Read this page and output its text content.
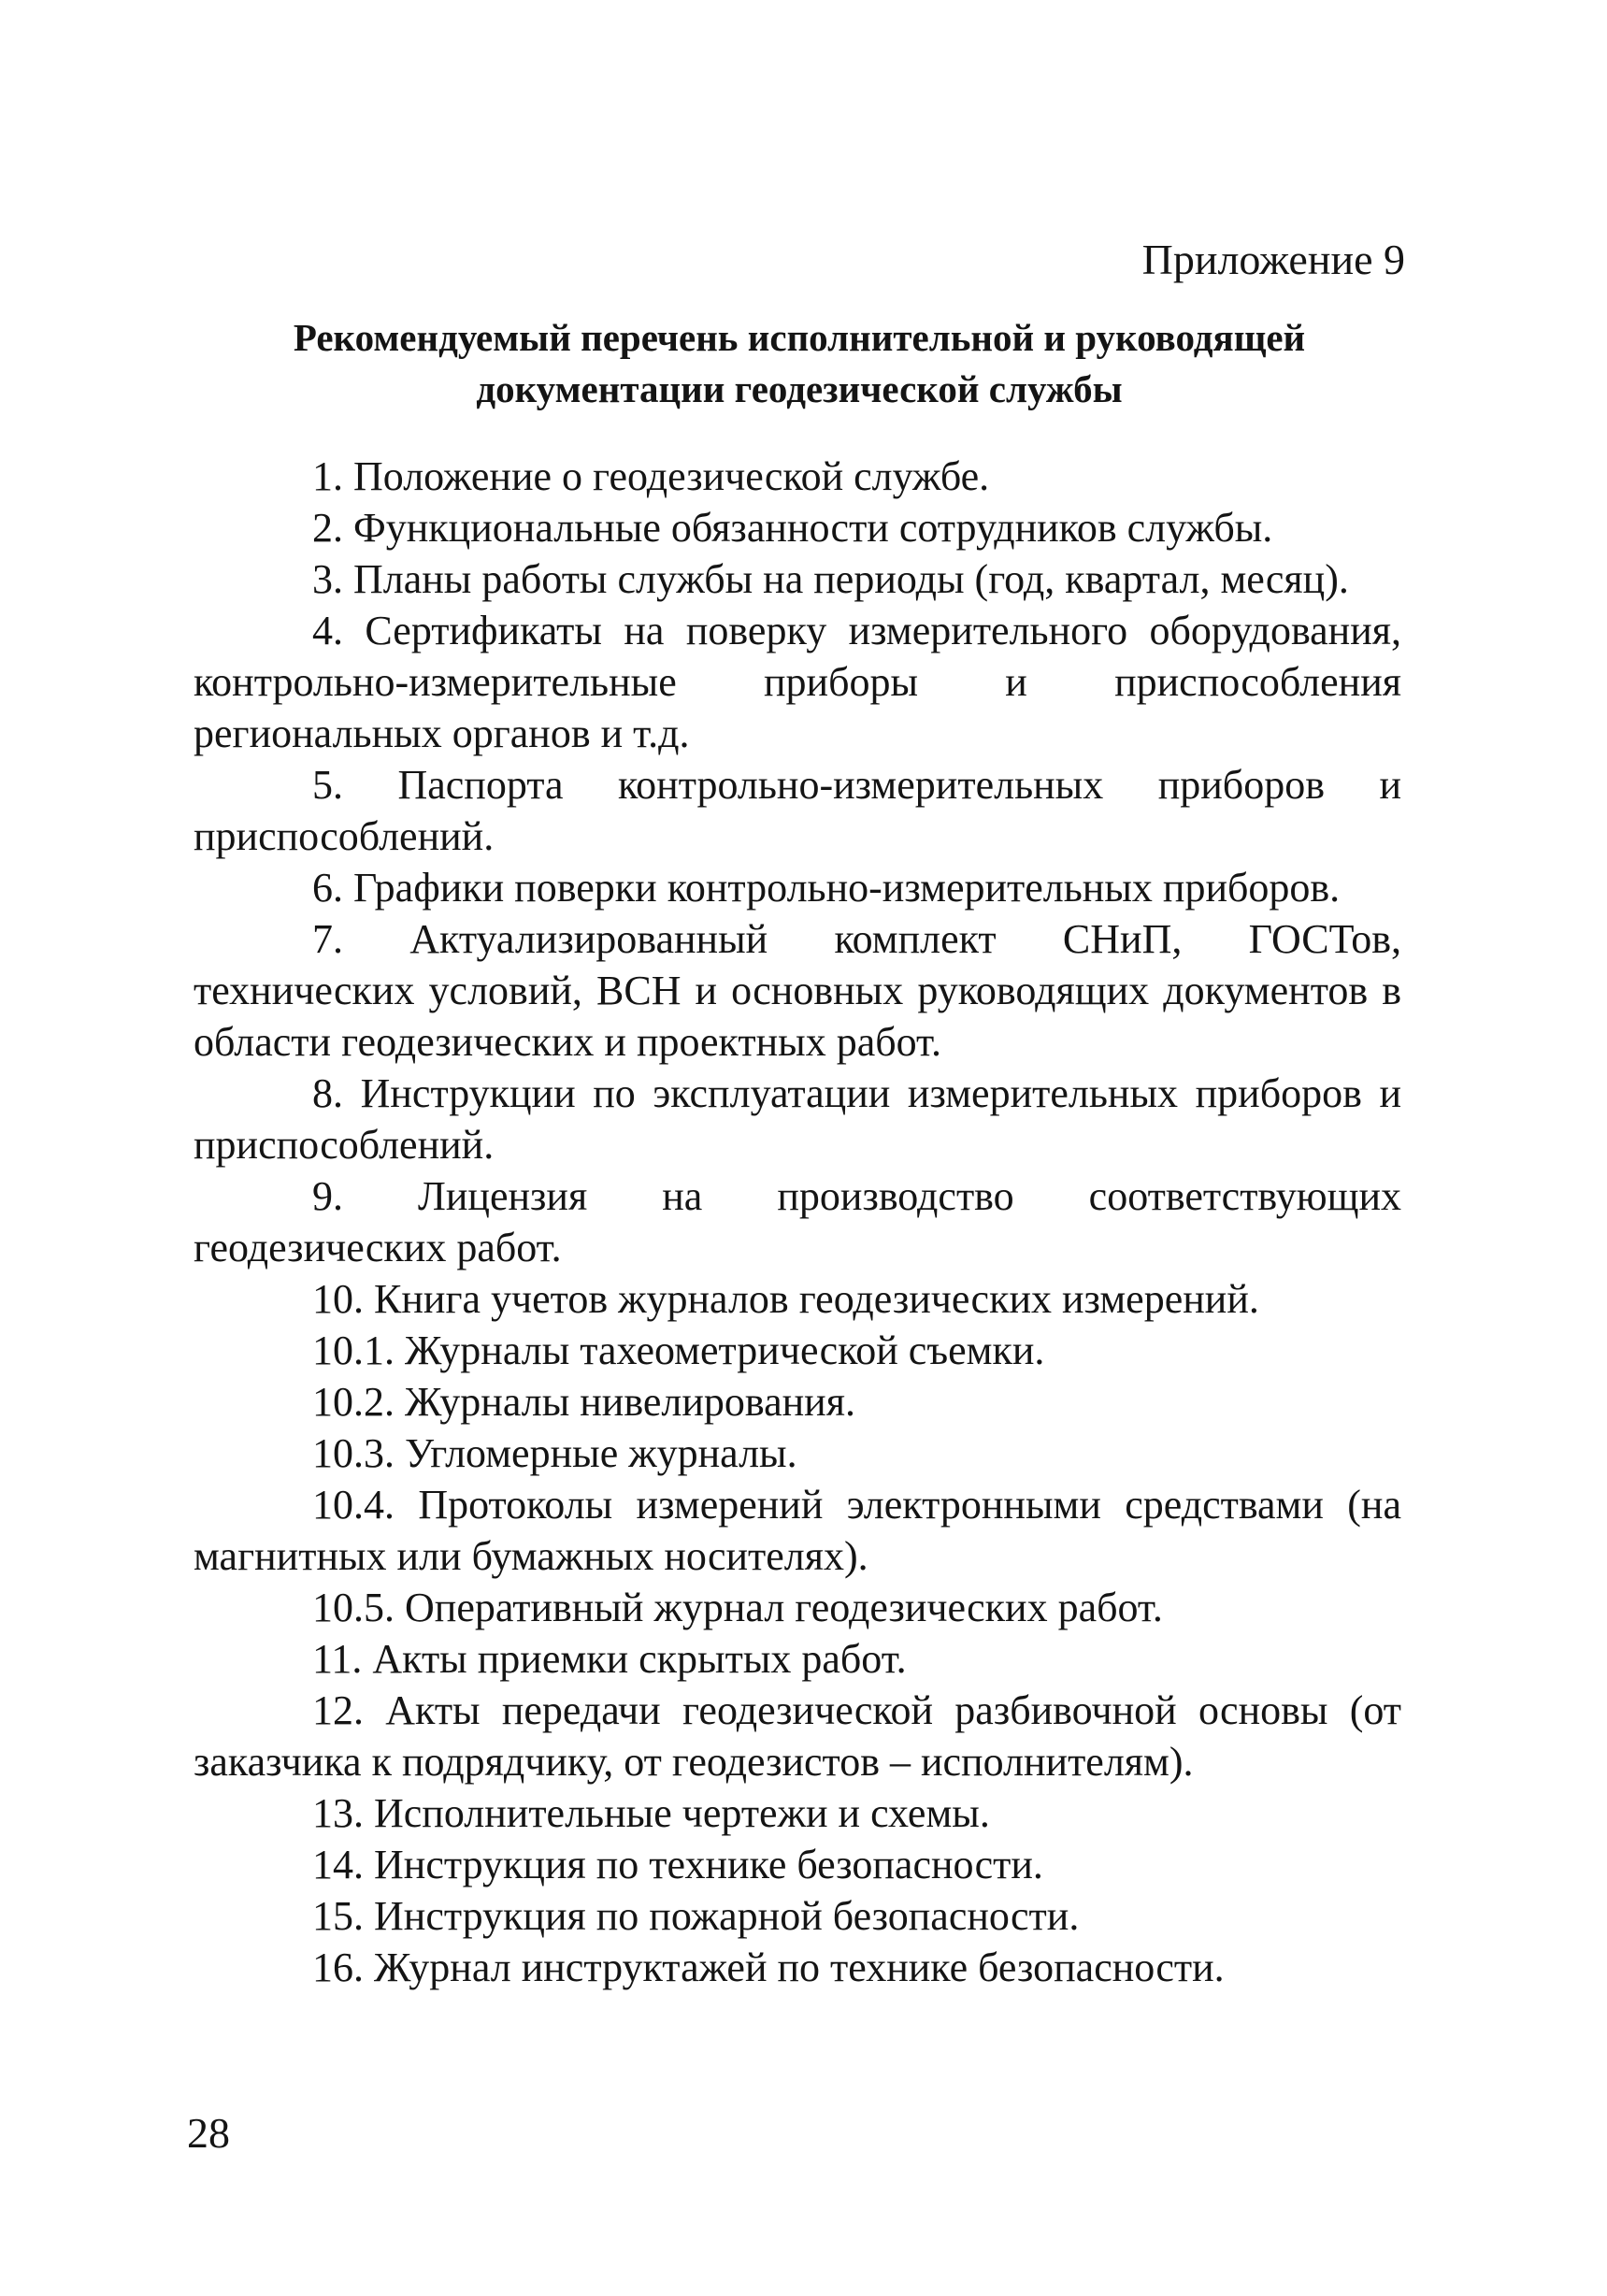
Приложение 9
Рекомендуемый перечень исполнительной и руководящей
документации геодезической службы

1. Положение о геодезической службе.

2. Функциональные обязанности сотрудников службы.

3. Планы работы службы на периоды (год, квартал, месяц).

4. Сертификаты на поверку измерительного оборудования, контрольно-измерительные приборы и приспособления региональных органов и т.д.

5. Паспорта контрольно-измерительных приборов и приспособлений.

6. Графики поверки контрольно-измерительных приборов.

7. Актуализированный комплект СНиП, ГОСТов, технических условий, ВСН и основных руководящих документов в области геодезических и проектных работ.

8. Инструкции по эксплуатации измерительных приборов и приспособлений.

9. Лицензия на производство соответствующих геодезических работ.

10. Книга учетов журналов геодезических измерений.

10.1. Журналы тахеометрической съемки.

10.2. Журналы нивелирования.

10.3. Угломерные журналы.

10.4. Протоколы измерений электронными средствами (на магнитных или бумажных носителях).

10.5. Оперативный журнал геодезических работ.

11. Акты приемки скрытых работ.

12. Акты передачи геодезической разбивочной основы (от заказчика к подрядчику, от геодезистов – исполнителям).

13. Исполнительные чертежи и схемы.

14. Инструкция по технике безопасности.

15. Инструкция по пожарной безопасности.

16. Журнал инструктажей по технике безопасности.

28
